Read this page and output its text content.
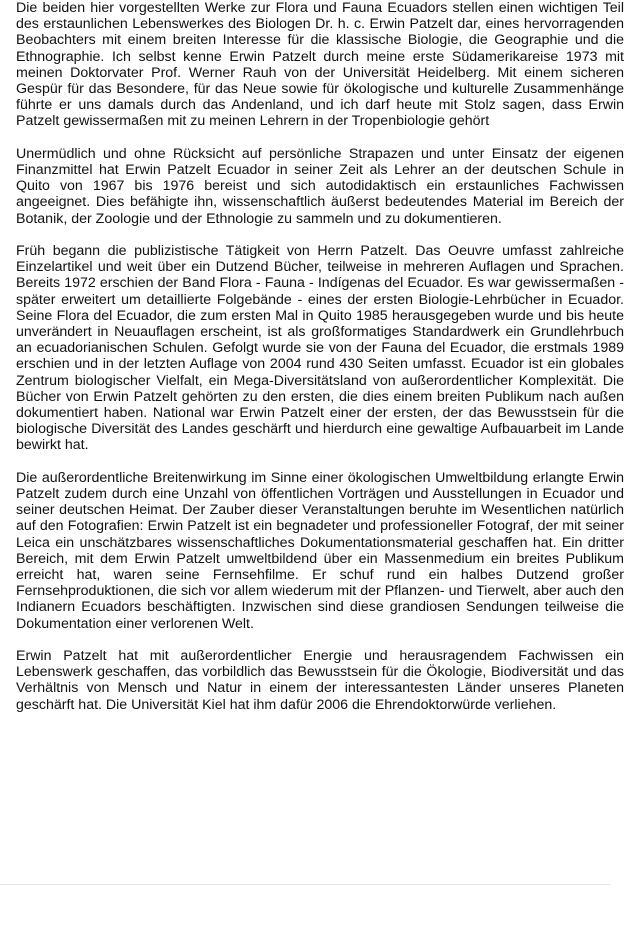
Die beiden hier vorgestellten Werke zur Flora und Fauna Ecuadors stellen einen wichtigen Teil des erstaunlichen Lebenswerkes des Biologen Dr. h. c. Erwin Patzelt dar, eines hervorragenden Beobachters mit einem breiten Interesse für die klassische Biologie, die Geographie und die Ethnographie. Ich selbst kenne Erwin Patzelt durch meine erste Südamerikareise 1973 mit meinen Doktorvater Prof. Werner Rauh von der Universität Heidelberg. Mit einem sicheren Gespür für das Besondere, für das Neue sowie für ökologische und kulturelle Zusammenhänge führte er uns damals durch das Andenland, und ich darf heute mit Stolz sagen, dass Erwin Patzelt gewissermaßen mit zu meinen Lehrern in der Tropenbiologie gehört

Unermüdlich und ohne Rücksicht auf persönliche Strapazen und unter Einsatz der eigenen Finanzmittel hat Erwin Patzelt Ecuador in seiner Zeit als Lehrer an der deutschen Schule in Quito von 1967 bis 1976 bereist und sich autodidaktisch ein erstaunliches Fachwissen angeeignet. Dies befähigte ihn, wissenschaftlich äußerst bedeutendes Material im Bereich der Botanik, der Zoologie und der Ethnologie zu sammeln und zu dokumentieren.

Früh begann die publizistische Tätigkeit von Herrn Patzelt. Das Oeuvre umfasst zahlreiche Einzelartikel und weit über ein Dutzend Bücher, teilweise in mehreren Auflagen und Sprachen. Bereits 1972 erschien der Band Flora - Fauna - Indígenas del Ecuador. Es war gewissermaßen - später erweitert um detaillierte Folgebände - eines der ersten Biologie-Lehrbücher in Ecuador. Seine Flora del Ecuador, die zum ersten Mal in Quito 1985 herausgegeben wurde und bis heute unverändert in Neuauflagen erscheint, ist als großformatiges Standardwerk ein Grundlehrbuch an ecuadorianischen Schulen. Gefolgt wurde sie von der Fauna del Ecuador, die erstmals 1989 erschien und in der letzten Auflage von 2004 rund 430 Seiten umfasst. Ecuador ist ein globales Zentrum biologischer Vielfalt, ein Mega-Diversitätsland von außerordentlicher Komplexität. Die Bücher von Erwin Patzelt gehörten zu den ersten, die dies einem breiten Publikum nach außen dokumentiert haben. National war Erwin Patzelt einer der ersten, der das Bewusstsein für die biologische Diversität des Landes geschärft und hierdurch eine gewaltige Aufbauarbeit im Lande bewirkt hat.

Die außerordentliche Breitenwirkung im Sinne einer ökologischen Umweltbildung erlangte Erwin Patzelt zudem durch eine Unzahl von öffentlichen Vorträgen und Ausstellungen in Ecuador und seiner deutschen Heimat. Der Zauber dieser Veranstaltungen beruhte im Wesentlichen natürlich auf den Fotografien: Erwin Patzelt ist ein begnadeter und professioneller Fotograf, der mit seiner Leica ein unschätzbares wissenschaftliches Dokumentationsmaterial geschaffen hat. Ein dritter Bereich, mit dem Erwin Patzelt umweltbildend über ein Massenmedium ein breites Publikum erreicht hat, waren seine Fernsehfilme. Er schuf rund ein halbes Dutzend großer Fernsehproduktionen, die sich vor allem wiederum mit der Pflanzen- und Tierwelt, aber auch den Indianern Ecuadors beschäftigten. Inzwischen sind diese grandiosen Sendungen teilweise die Dokumentation einer verlorenen Welt.

Erwin Patzelt hat mit außerordentlicher Energie und herausragendem Fachwissen ein Lebenswerk geschaffen, das vorbildlich das Bewusstsein für die Ökologie, Biodiversität und das Verhältnis von Mensch und Natur in einem der interessantesten Länder unseres Planeten geschärft hat. Die Universität Kiel hat ihm dafür 2006 die Ehrendoktorwürde verliehen.
